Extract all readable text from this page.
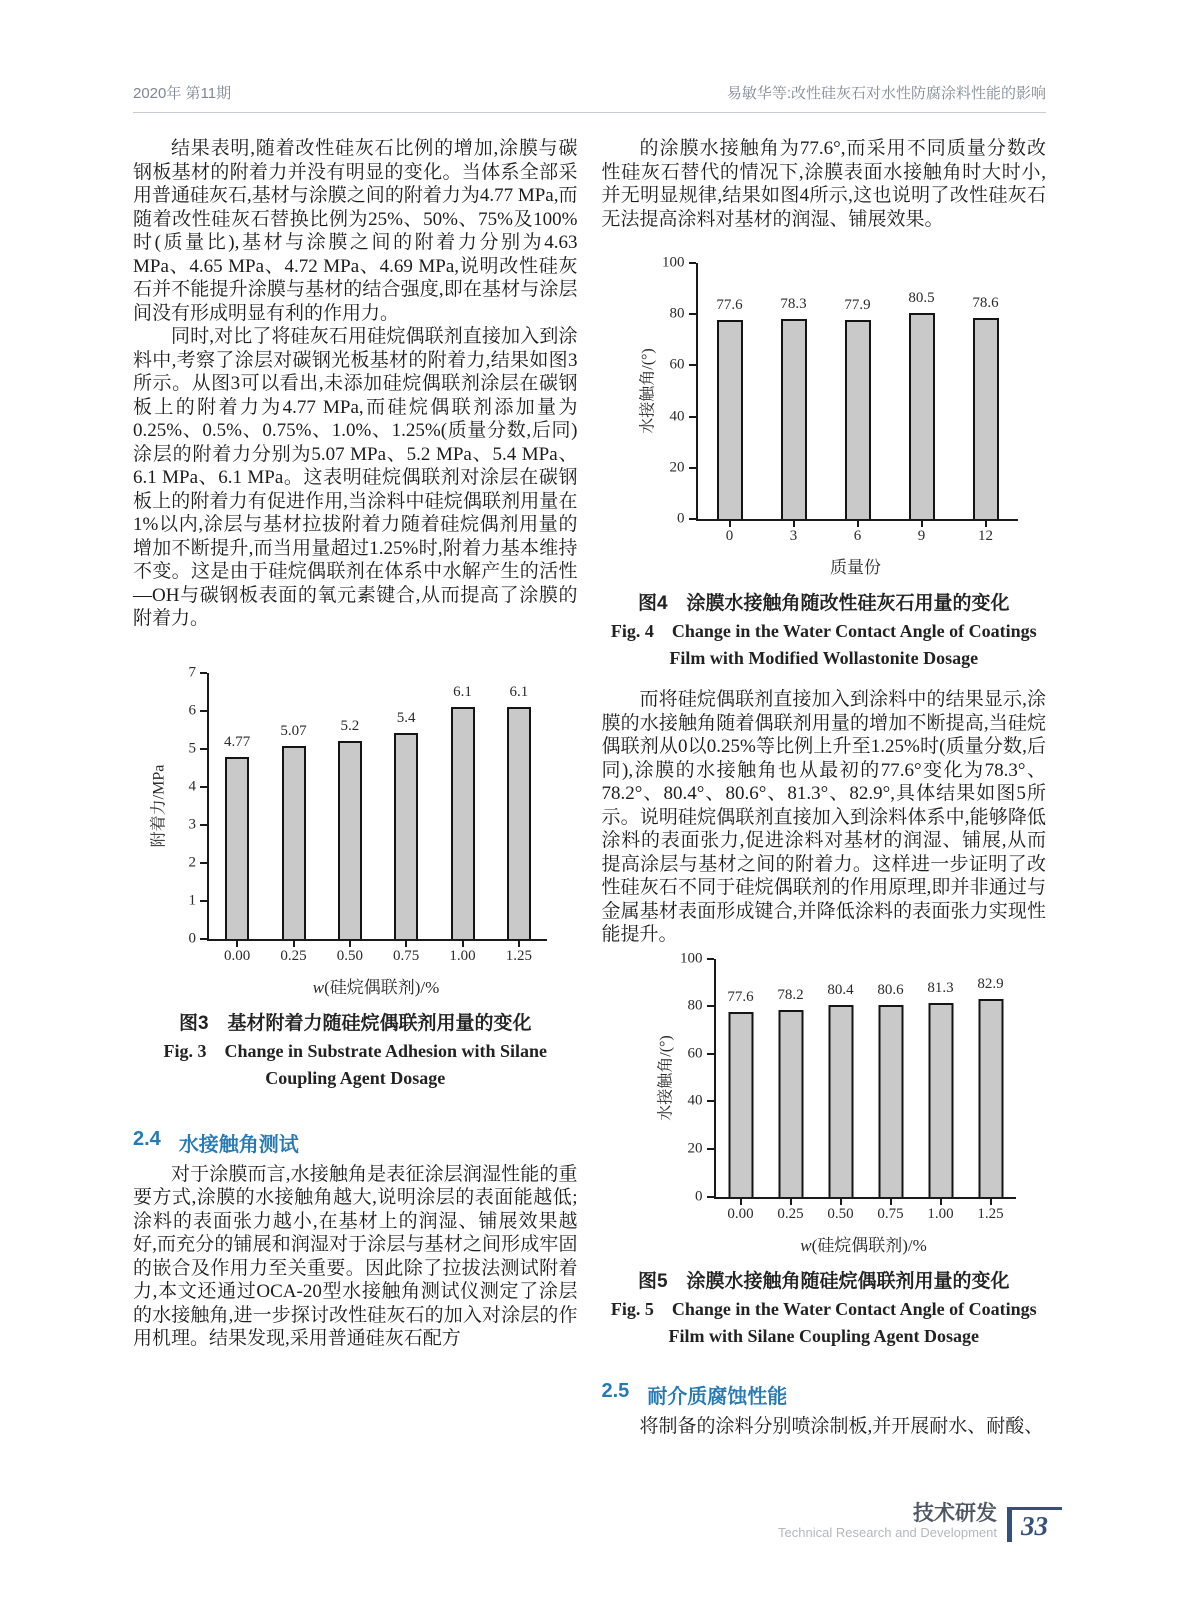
2020年 第11期	易敏华等:改性硅灰石对水性防腐涂料性能的影响

结果表明,随着改性硅灰石比例的增加,涂膜与碳钢板基材的附着力并没有明显的变化。当体系全部采用普通硅灰石,基材与涂膜之间的附着力为4.77 MPa,而随着改性硅灰石替换比例为25%、50%、75%及100%时(质量比),基材与涂膜之间的附着力分别为4.63 MPa、4.65 MPa、4.72 MPa、4.69 MPa,说明改性硅灰石并不能提升涂膜与基材的结合强度,即在基材与涂层间没有形成明显有利的作用力。

同时,对比了将硅灰石用硅烷偶联剂直接加入到涂料中,考察了涂层对碳钢光板基材的附着力,结果如图3所示。从图3可以看出,未添加硅烷偶联剂涂层在碳钢板上的附着力为4.77 MPa,而硅烷偶联剂添加量为0.25%、0.5%、0.75%、1.0%、1.25%(质量分数,后同)涂层的附着力分别为5.07 MPa、5.2 MPa、5.4 MPa、6.1 MPa、6.1 MPa。这表明硅烷偶联剂对涂层在碳钢板上的附着力有促进作用,当涂料中硅烷偶联剂用量在1%以内,涂层与基材拉拔附着力随着硅烷偶剂用量的增加不断提升,而当用量超过1.25%时,附着力基本维持不变。这是由于硅烷偶联剂在体系中水解产生的活性—OH与碳钢板表面的氧元素键合,从而提高了涂膜的附着力。

附着力/MPa
0
1
2
3
4
5
6
7
4.77
0.00
5.07
0.25
5.2
0.50
5.4
0.75
6.1
1.00
6.1
1.25
w(硅烷偶联剂)/%
图3　基材附着力随硅烷偶联剂用量的变化
Fig. 3　Change in Substrate Adhesion with Silane Coupling Agent Dosage
2.4 水接触角测试

对于涂膜而言,水接触角是表征涂层润湿性能的重要方式,涂膜的水接触角越大,说明涂层的表面能越低;涂料的表面张力越小,在基材上的润湿、铺展效果越好,而充分的铺展和润湿对于涂层与基材之间形成牢固的嵌合及作用力至关重要。因此除了拉拔法测试附着力,本文还通过OCA-20型水接触角测试仪测定了涂层的水接触角,进一步探讨改性硅灰石的加入对涂层的作用机理。结果发现,采用普通硅灰石配方

的涂膜水接触角为77.6°,而采用不同质量分数改性硅灰石替代的情况下,涂膜表面水接触角时大时小,并无明显规律,结果如图4所示,这也说明了改性硅灰石无法提高涂料对基材的润湿、铺展效果。

水接触角/(°)
0
20
40
60
80
100
77.6
0
78.3
3
77.9
6
80.5
9
78.6
12
质量份
图4　涂膜水接触角随改性硅灰石用量的变化
Fig. 4　Change in the Water Contact Angle of Coatings Film with Modified Wollastonite Dosage

而将硅烷偶联剂直接加入到涂料中的结果显示,涂膜的水接触角随着偶联剂用量的增加不断提高,当硅烷偶联剂从0以0.25%等比例上升至1.25%时(质量分数,后同),涂膜的水接触角也从最初的77.6°变化为78.3°、78.2°、80.4°、80.6°、81.3°、82.9°,具体结果如图5所示。说明硅烷偶联剂直接加入到涂料体系中,能够降低涂料的表面张力,促进涂料对基材的润湿、铺展,从而提高涂层与基材之间的附着力。这样进一步证明了改性硅灰石不同于硅烷偶联剂的作用原理,即并非通过与金属基材表面形成键合,并降低涂料的表面张力实现性能提升。

水接触角/(°)
0
20
40
60
80
100
77.6
0.00
78.2
0.25
80.4
0.50
80.6
0.75
81.3
1.00
82.9
1.25
w(硅烷偶联剂)/%
图5　涂膜水接触角随硅烷偶联剂用量的变化
Fig. 5　Change in the Water Contact Angle of Coatings Film with Silane Coupling Agent Dosage
2.5 耐介质腐蚀性能

将制备的涂料分别喷涂制板,并开展耐水、耐酸、

技术研发
Technical Research and Development 33
